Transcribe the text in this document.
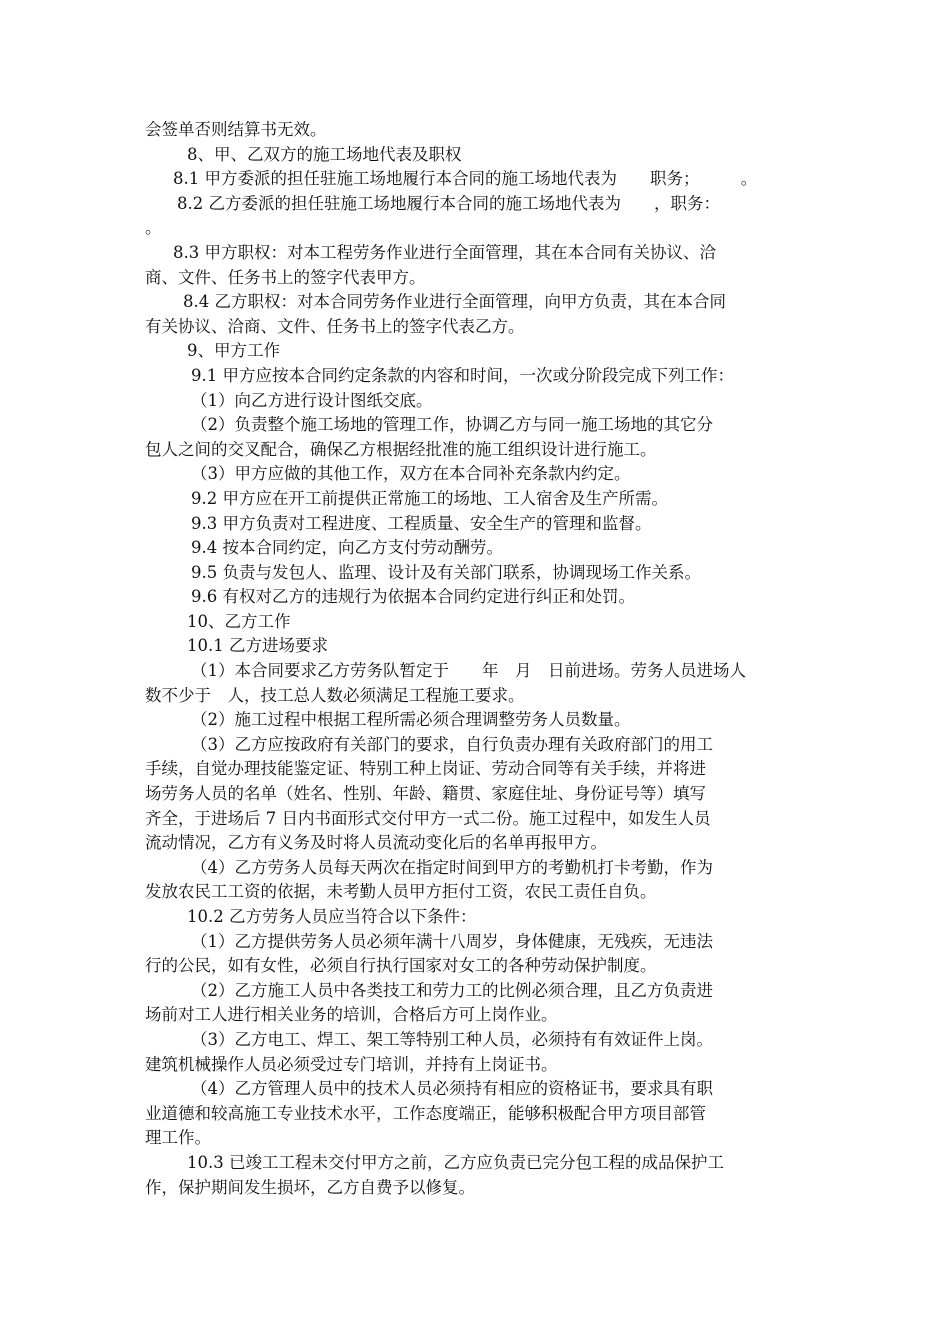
会签单否则结算书无效。

8、甲、乙双方的施工场地代表及职权

8.1 甲方委派的担任驻施工场地履行本合同的施工场地代表为　　职务；　　　。

8.2 乙方委派的担任驻施工场地履行本合同的施工场地代表为　　，职务：

。

8.3 甲方职权：对本工程劳务作业进行全面管理，其在本合同有关协议、洽

商、文件、任务书上的签字代表甲方。

8.4 乙方职权：对本合同劳务作业进行全面管理，向甲方负责，其在本合同

有关协议、洽商、文件、任务书上的签字代表乙方。

9、甲方工作

9.1 甲方应按本合同约定条款的内容和时间，一次或分阶段完成下列工作：

（1）向乙方进行设计图纸交底。

（2）负责整个施工场地的管理工作，协调乙方与同一施工场地的其它分

包人之间的交叉配合，确保乙方根据经批准的施工组织设计进行施工。

（3）甲方应做的其他工作，双方在本合同补充条款内约定。

9.2 甲方应在开工前提供正常施工的场地、工人宿舍及生产所需。

9.3 甲方负责对工程进度、工程质量、安全生产的管理和监督。

9.4 按本合同约定，向乙方支付劳动酬劳。

9.5 负责与发包人、监理、设计及有关部门联系，协调现场工作关系。

9.6 有权对乙方的违规行为依据本合同约定进行纠正和处罚。

10、乙方工作

10.1 乙方进场要求

（1）本合同要求乙方劳务队暂定于　　年　月　日前进场。劳务人员进场人

数不少于　人，技工总人数必须满足工程施工要求。

（2）施工过程中根据工程所需必须合理调整劳务人员数量。

（3）乙方应按政府有关部门的要求，自行负责办理有关政府部门的用工

手续，自觉办理技能鉴定证、特别工种上岗证、劳动合同等有关手续，并将进

场劳务人员的名单（姓名、性别、年龄、籍贯、家庭住址、身份证号等）填写

齐全，于进场后 7 日内书面形式交付甲方一式二份。施工过程中，如发生人员

流动情况，乙方有义务及时将人员流动变化后的名单再报甲方。

（4）乙方劳务人员每天两次在指定时间到甲方的考勤机打卡考勤，作为

发放农民工工资的依据，未考勤人员甲方拒付工资，农民工责任自负。

10.2 乙方劳务人员应当符合以下条件：

（1）乙方提供劳务人员必须年满十八周岁，身体健康，无残疾，无违法

行的公民，如有女性，必须自行执行国家对女工的各种劳动保护制度。

（2）乙方施工人员中各类技工和劳力工的比例必须合理，且乙方负责进

场前对工人进行相关业务的培训，合格后方可上岗作业。

（3）乙方电工、焊工、架工等特别工种人员，必须持有有效证件上岗。

建筑机械操作人员必须受过专门培训，并持有上岗证书。

（4）乙方管理人员中的技术人员必须持有相应的资格证书，要求具有职

业道德和较高施工专业技术水平，工作态度端正，能够积极配合甲方项目部管

理工作。

10.3 已竣工工程未交付甲方之前，乙方应负责已完分包工程的成品保护工

作，保护期间发生损坏，乙方自费予以修复。
